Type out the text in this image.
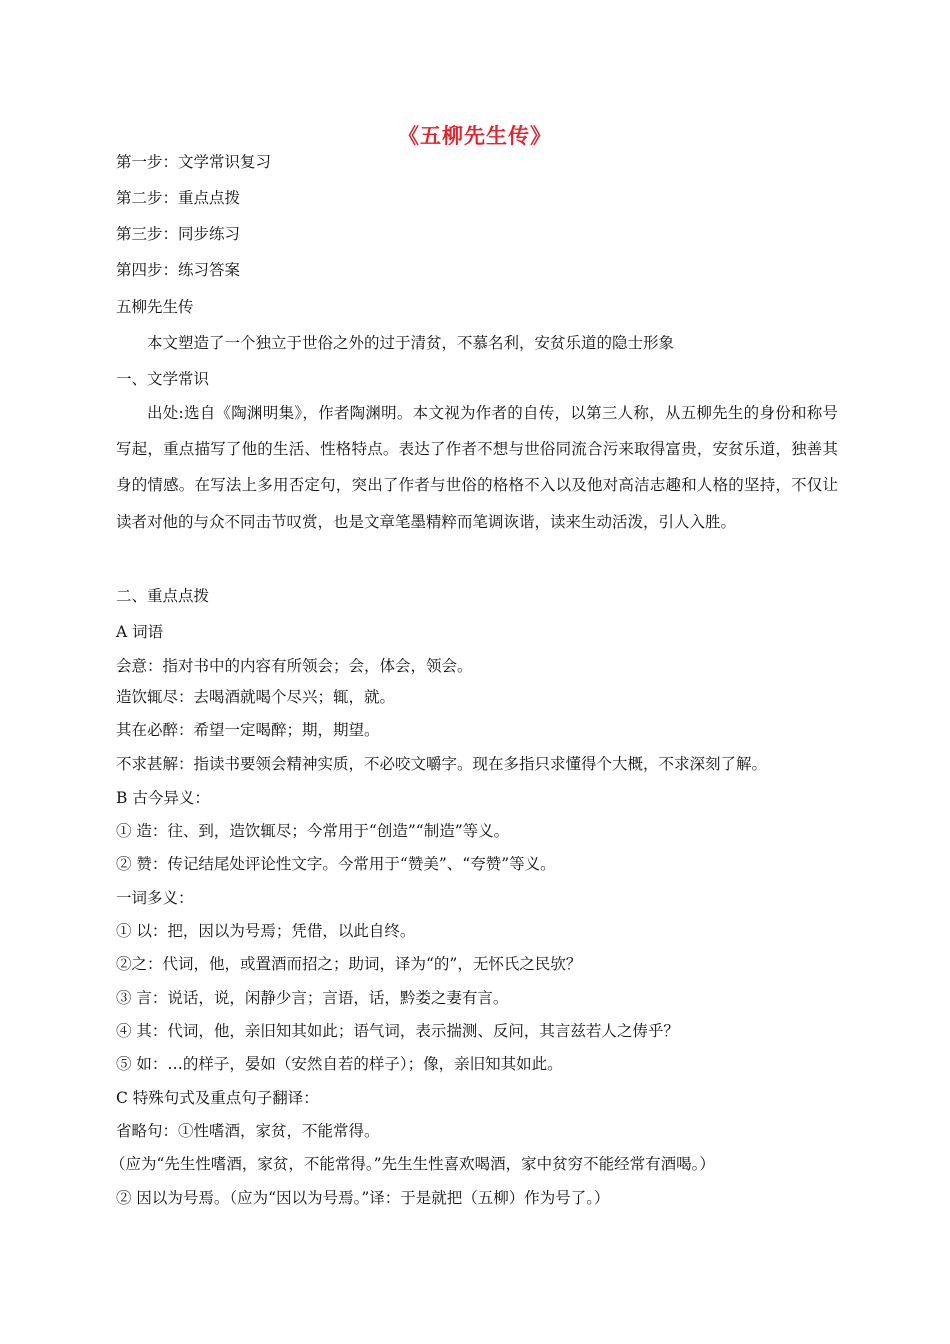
《五柳先生传》
第一步：文学常识复习
第二步：重点点拨
第三步：同步练习
第四步：练习答案
五柳先生传
本文塑造了一个独立于世俗之外的过于清贫，不慕名利，安贫乐道的隐士形象
一、文学常识
出处:选自《陶渊明集》，作者陶渊明。本文视为作者的自传，以第三人称，从五柳先生的身份和称号写起，重点描写了他的生活、性格特点。表达了作者不想与世俗同流合污来取得富贵，安贫乐道，独善其身的情感。在写法上多用否定句，突出了作者与世俗的格格不入以及他对高洁志趣和人格的坚持，不仅让读者对他的与众不同击节叹赏，也是文章笔墨精粹而笔调诙谐，读来生动活泼，引人入胜。
二、重点点拨
A 词语
会意：指对书中的内容有所领会；会，体会，领会。
造饮辄尽：去喝酒就喝个尽兴；辄，就。
其在必醉：希望一定喝醉；期，期望。
不求甚解：指读书要领会精神实质，不必咬文嚼字。现在多指只求懂得个大概，不求深刻了解。
B 古今异义：
① 造：往、到，造饮辄尽；今常用于“创造”“制造”等义。
② 赞：传记结尾处评论性文字。今常用于“赞美”、“夸赞”等义。
一词多义：
① 以：把，因以为号焉；凭借，以此自终。
②之：代词，他，或置酒而招之；助词，译为“的”，无怀氏之民欤？
③ 言：说话，说，闲静少言；言语，话，黔娄之妻有言。
④ 其：代词，他，亲旧知其如此；语气词，表示揣测、反问，其言兹若人之俦乎？
⑤ 如：…的样子，晏如（安然自若的样子）；像，亲旧知其如此。
C 特殊句式及重点句子翻译：
省略句：①性嗜酒，家贫，不能常得。
（应为“先生性嗜酒，家贫，不能常得。”先生生性喜欢喝酒，家中贫穷不能经常有酒喝。）
② 因以为号焉。（应为“因以为号焉。”译：于是就把（五柳）作为号了。）
